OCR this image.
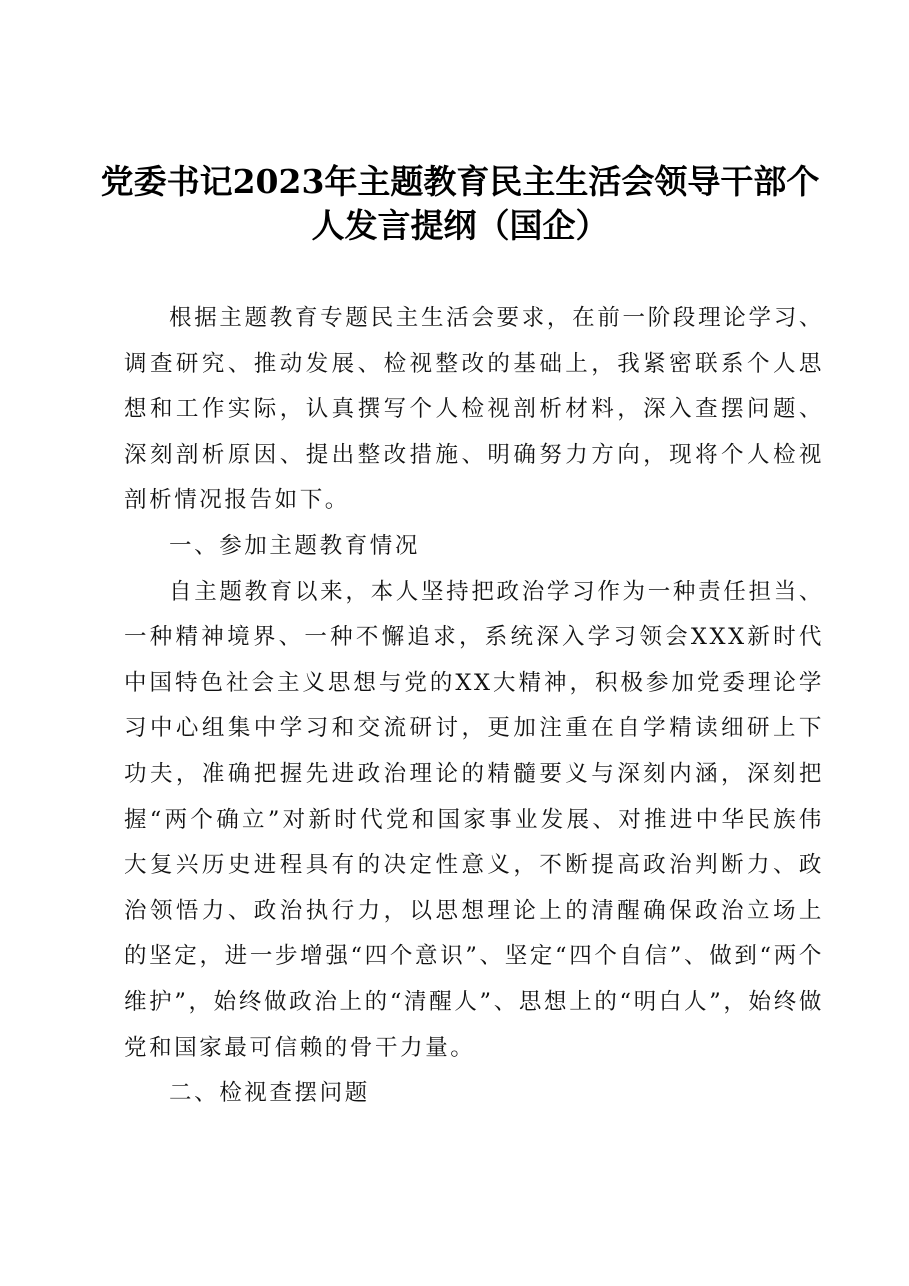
党委书记2023年主题教育民主生活会领导干部个人发言提纲（国企）

根据主题教育专题民主生活会要求，在前一阶段理论学习、调查研究、推动发展、检视整改的基础上，我紧密联系个人思想和工作实际，认真撰写个人检视剖析材料，深入查摆问题、深刻剖析原因、提出整改措施、明确努力方向，现将个人检视剖析情况报告如下。

一、参加主题教育情况

自主题教育以来，本人坚持把政治学习作为一种责任担当、一种精神境界、一种不懈追求，系统深入学习领会XXX新时代中国特色社会主义思想与党的XX大精神，积极参加党委理论学习中心组集中学习和交流研讨，更加注重在自学精读细研上下功夫，准确把握先进政治理论的精髓要义与深刻内涵，深刻把握“两个确立”对新时代党和国家事业发展、对推进中华民族伟大复兴历史进程具有的决定性意义，不断提高政治判断力、政治领悟力、政治执行力，以思想理论上的清醒确保政治立场上的坚定，进一步增强“四个意识”、坚定“四个自信”、做到“两个维护”，始终做政治上的“清醒人”、思想上的“明白人”，始终做党和国家最可信赖的骨干力量。

二、检视查摆问题
